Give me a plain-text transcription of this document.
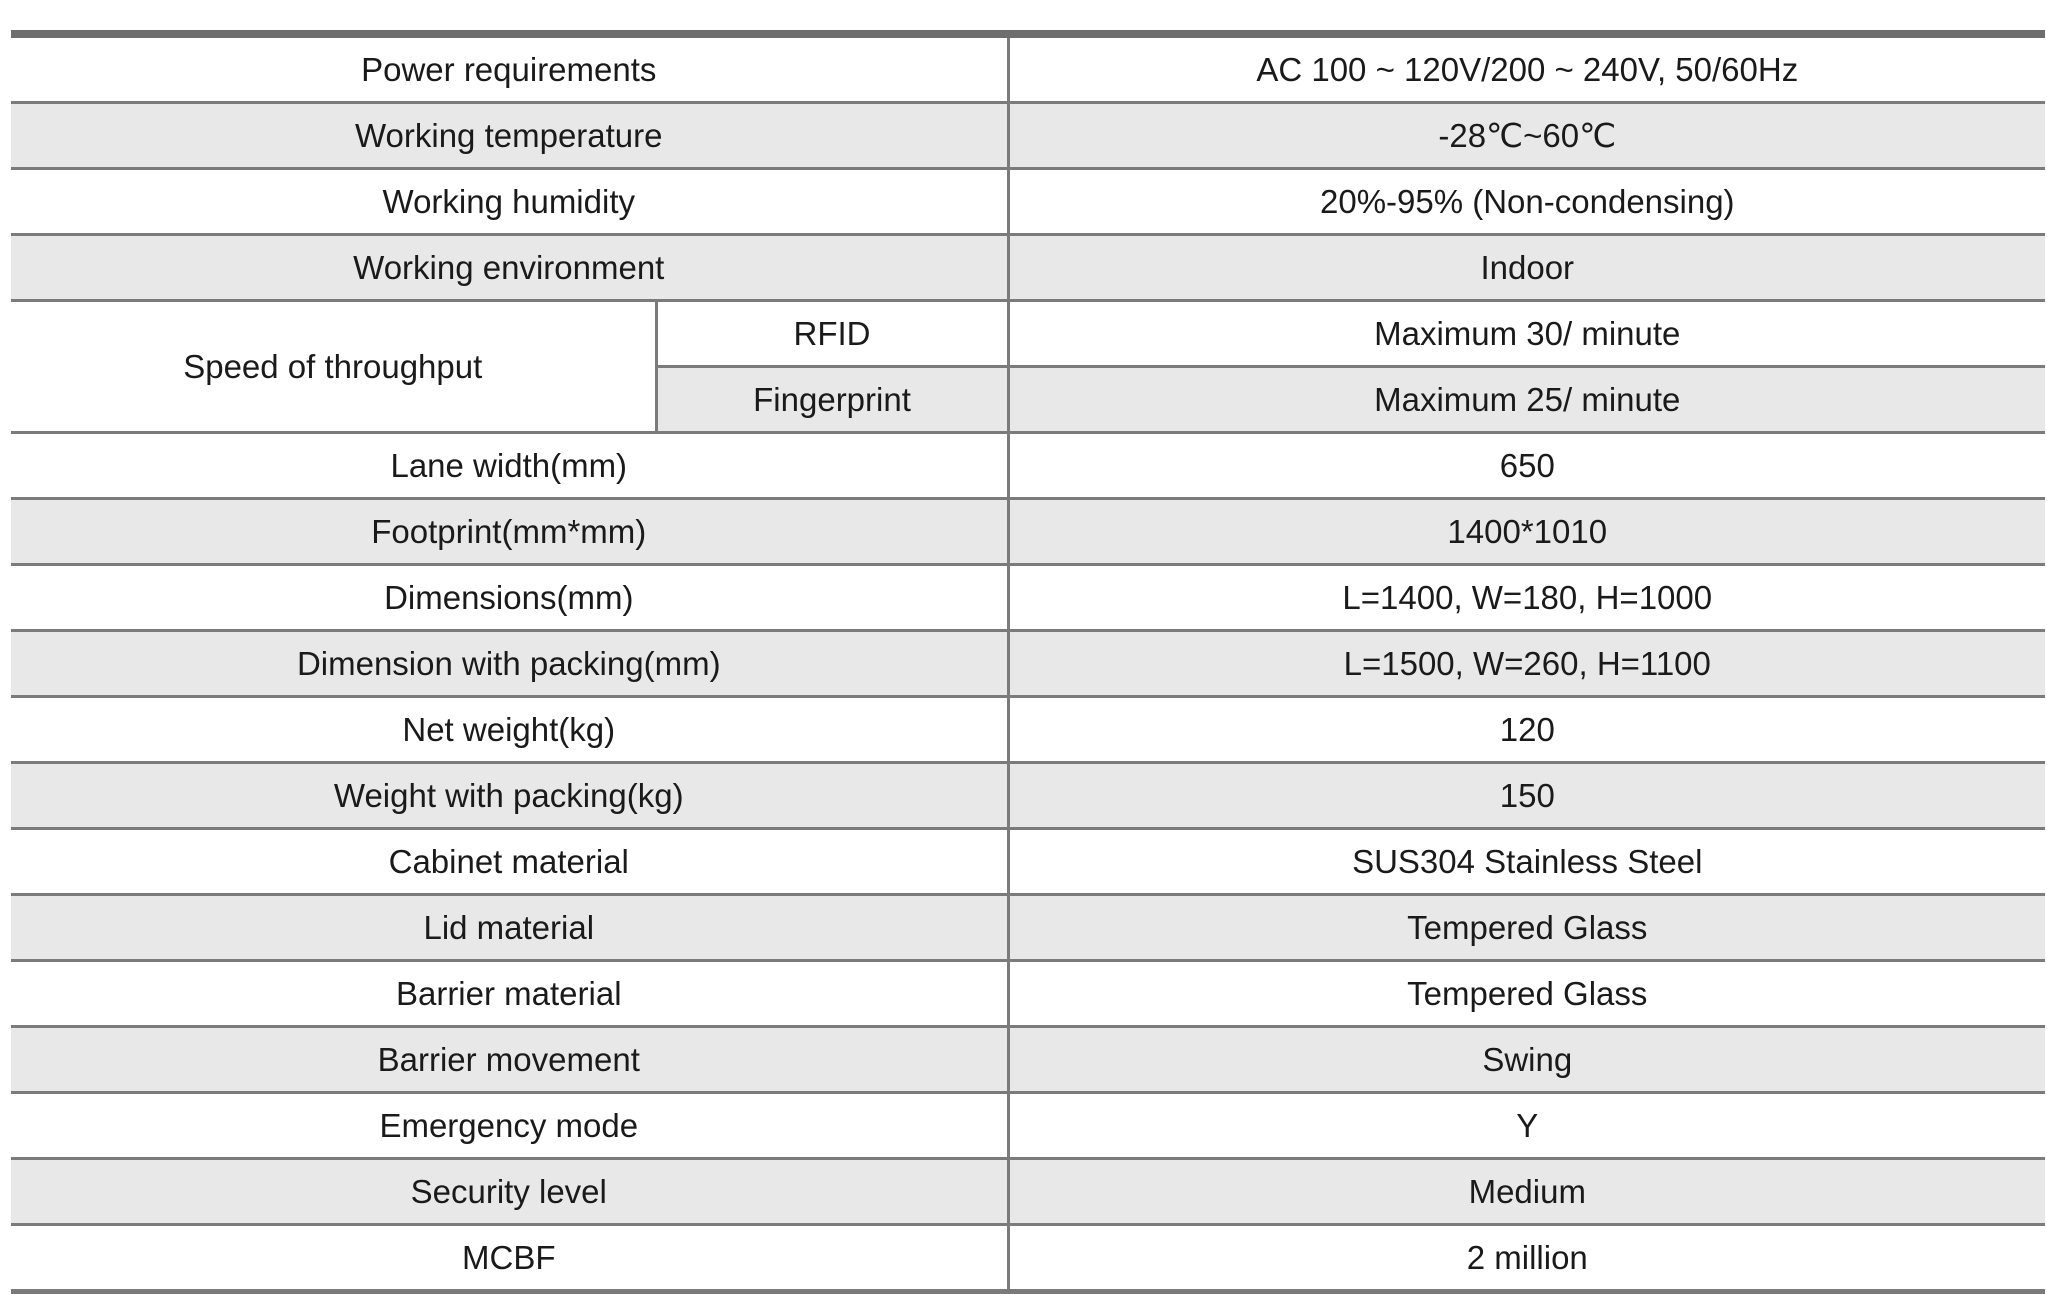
Power requirements		AC 100 ~ 120V/200 ~ 240V, 50/60Hz
Working temperature		-28℃~60℃
Working humidity		20%-95% (Non-condensing)
Working environment		Indoor
Speed of throughput	RFID	Maximum 30/ minute
	Fingerprint	Maximum 25/ minute
Lane width(mm)		650
Footprint(mm*mm)		1400*1010
Dimensions(mm)		L=1400, W=180, H=1000
Dimension with packing(mm)		L=1500, W=260, H=1100
Net weight(kg)		120
Weight with packing(kg)		150
Cabinet material		SUS304 Stainless Steel
Lid material		Tempered Glass
Barrier material		Tempered Glass
Barrier movement		Swing
Emergency mode		Y
Security level		Medium
MCBF		2 million
